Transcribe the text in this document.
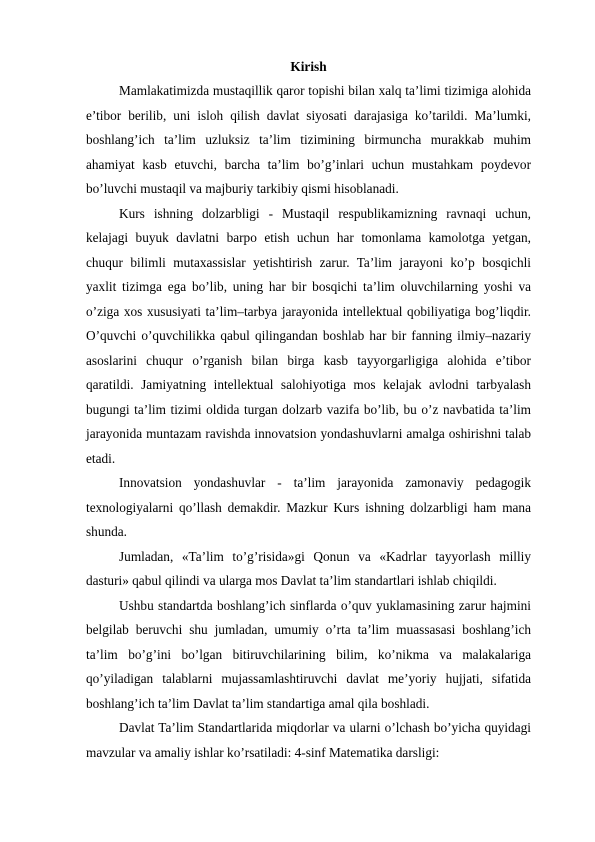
Kirish

Mamlakatimizda mustaqillik qaror topishi bilan xalq ta’limi tizimiga alohida e’tibor berilib, uni isloh qilish davlat siyosati darajasiga ko’tarildi. Ma’lumki, boshlang’ich ta’lim uzluksiz ta’lim tizimining birmuncha murakkab muhim ahamiyat kasb etuvchi, barcha ta’lim bo’g’inlari uchun mustahkam poydevor bo’luvchi mustaqil va majburiy tarkibiy qismi hisoblanadi.

Kurs ishning dolzarbligi - Mustaqil respublikamizning ravnaqi uchun, kelajagi buyuk davlatni barpo etish uchun har tomonlama kamolotga yetgan, chuqur bilimli mutaxassislar yetishtirish zarur. Ta’lim jarayoni ko’p bosqichli yaxlit tizimga ega bo’lib, uning har bir bosqichi ta’lim oluvchilarning yoshi va o’ziga xos xususiyati ta’lim–tarbya jarayonida intellektual qobiliyatiga bog’liqdir. O’quvchi o’quvchilikka qabul qilingandan boshlab har bir fanning ilmiy–nazariy asoslarini chuqur o’rganish bilan birga kasb tayyorgarligiga alohida e’tibor qaratildi. Jamiyatning intellektual salohiyotiga mos kelajak avlodni tarbyalash bugungi ta’lim tizimi oldida turgan dolzarb vazifa bo’lib, bu o’z navbatida ta’lim jarayonida muntazam ravishda innovatsion yondashuvlarni amalga oshirishni talab etadi.

Innovatsion yondashuvlar - ta’lim jarayonida zamonaviy pedagogik texnologiyalarni qo’llash demakdir. Mazkur Kurs ishning dolzarbligi ham mana shunda.

Jumladan, «Ta’lim to’g’risida»gi Qonun va «Kadrlar tayyorlash milliy dasturi» qabul qilindi va ularga mos Davlat ta’lim standartlari ishlab chiqildi.

Ushbu standartda boshlang’ich sinflarda o’quv yuklamasining zarur hajmini belgilab beruvchi shu jumladan, umumiy o’rta ta’lim muassasasi boshlang’ich ta’lim bo’g’ini bo’lgan bitiruvchilarining bilim, ko’nikma va malakalariga qo’yiladigan talablarni mujassamlashtiruvchi davlat me’yoriy hujjati, sifatida boshlang’ich ta’lim Davlat ta’lim standartiga amal qila boshladi.

Davlat Ta’lim Standartlarida miqdorlar va ularni o’lchash bo’yicha quyidagi mavzular va amaliy ishlar ko’rsatiladi: 4-sinf Matematika darsligi:
